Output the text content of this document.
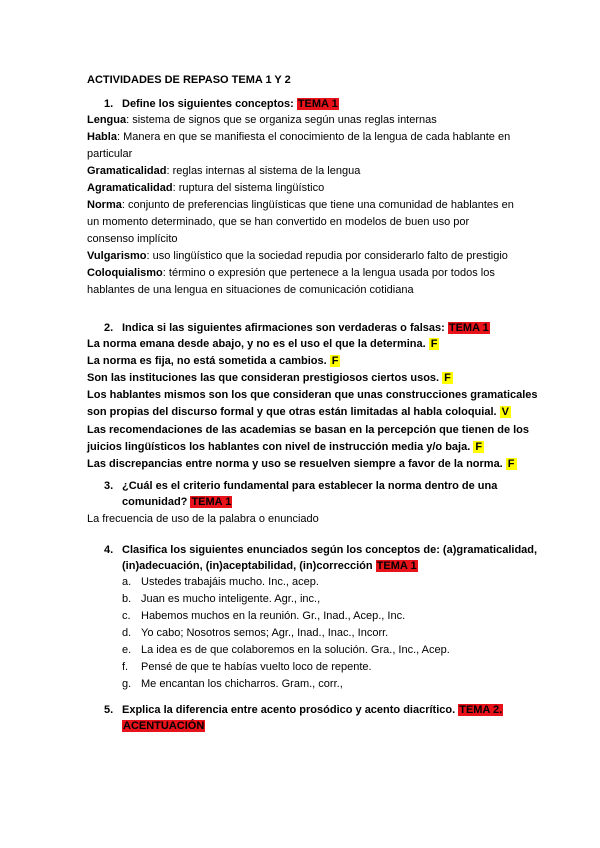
ACTIVIDADES DE REPASO TEMA 1 Y 2
1. Define los siguientes conceptos: TEMA 1
Lengua: sistema de signos que se organiza según unas reglas internas
Habla: Manera en que se manifiesta el conocimiento de la lengua de cada hablante en
particular
Gramaticalidad: reglas internas al sistema de la lengua
Agramaticalidad: ruptura del sistema lingüístico
Norma: conjunto de preferencias lingüísticas que tiene una comunidad de hablantes en
un momento determinado, que se han convertido en modelos de buen uso por
consenso implícito
Vulgarismo: uso lingüístico que la sociedad repudia por considerarlo falto de prestigio
Coloquialismo: término o expresión que pertenece a la lengua usada por todos los
hablantes de una lengua en situaciones de comunicación cotidiana
2. Indica si las siguientes afirmaciones son verdaderas o falsas: TEMA 1
La norma emana desde abajo, y no es el uso el que la determina. F
La norma es fija, no está sometida a cambios. F
Son las instituciones las que consideran prestigiosos ciertos usos. F
Los hablantes mismos son los que consideran que unas construcciones gramaticales
son propias del discurso formal y que otras están limitadas al habla coloquial. V
Las recomendaciones de las academias se basan en la percepción que tienen de los
juicios lingüísticos los hablantes con nivel de instrucción media y/o baja. F
Las discrepancias entre norma y uso se resuelven siempre a favor de la norma. F
3. ¿Cuál es el criterio fundamental para establecer la norma dentro de una
comunidad? TEMA 1
La frecuencia de uso de la palabra o enunciado
4. Clasifica los siguientes enunciados según los conceptos de: (a)gramaticalidad,
(in)adecuación, (in)aceptabilidad, (in)corrección TEMA 1
a. Ustedes trabajáis mucho. Inc., acep.
b. Juan es mucho inteligente. Agr., inc.,
c. Habemos muchos en la reunión. Gr., Inad., Acep., Inc.
d. Yo cabo; Nosotros semos; Agr., Inad., Inac., Incorr.
e. La idea es de que colaboremos en la solución. Gra., Inc., Acep.
f. Pensé de que te habías vuelto loco de repente.
g. Me encantan los chicharros. Gram., corr.,
5. Explica la diferencia entre acento prosódico y acento diacrítico. TEMA 2.
ACENTUACIÓN
